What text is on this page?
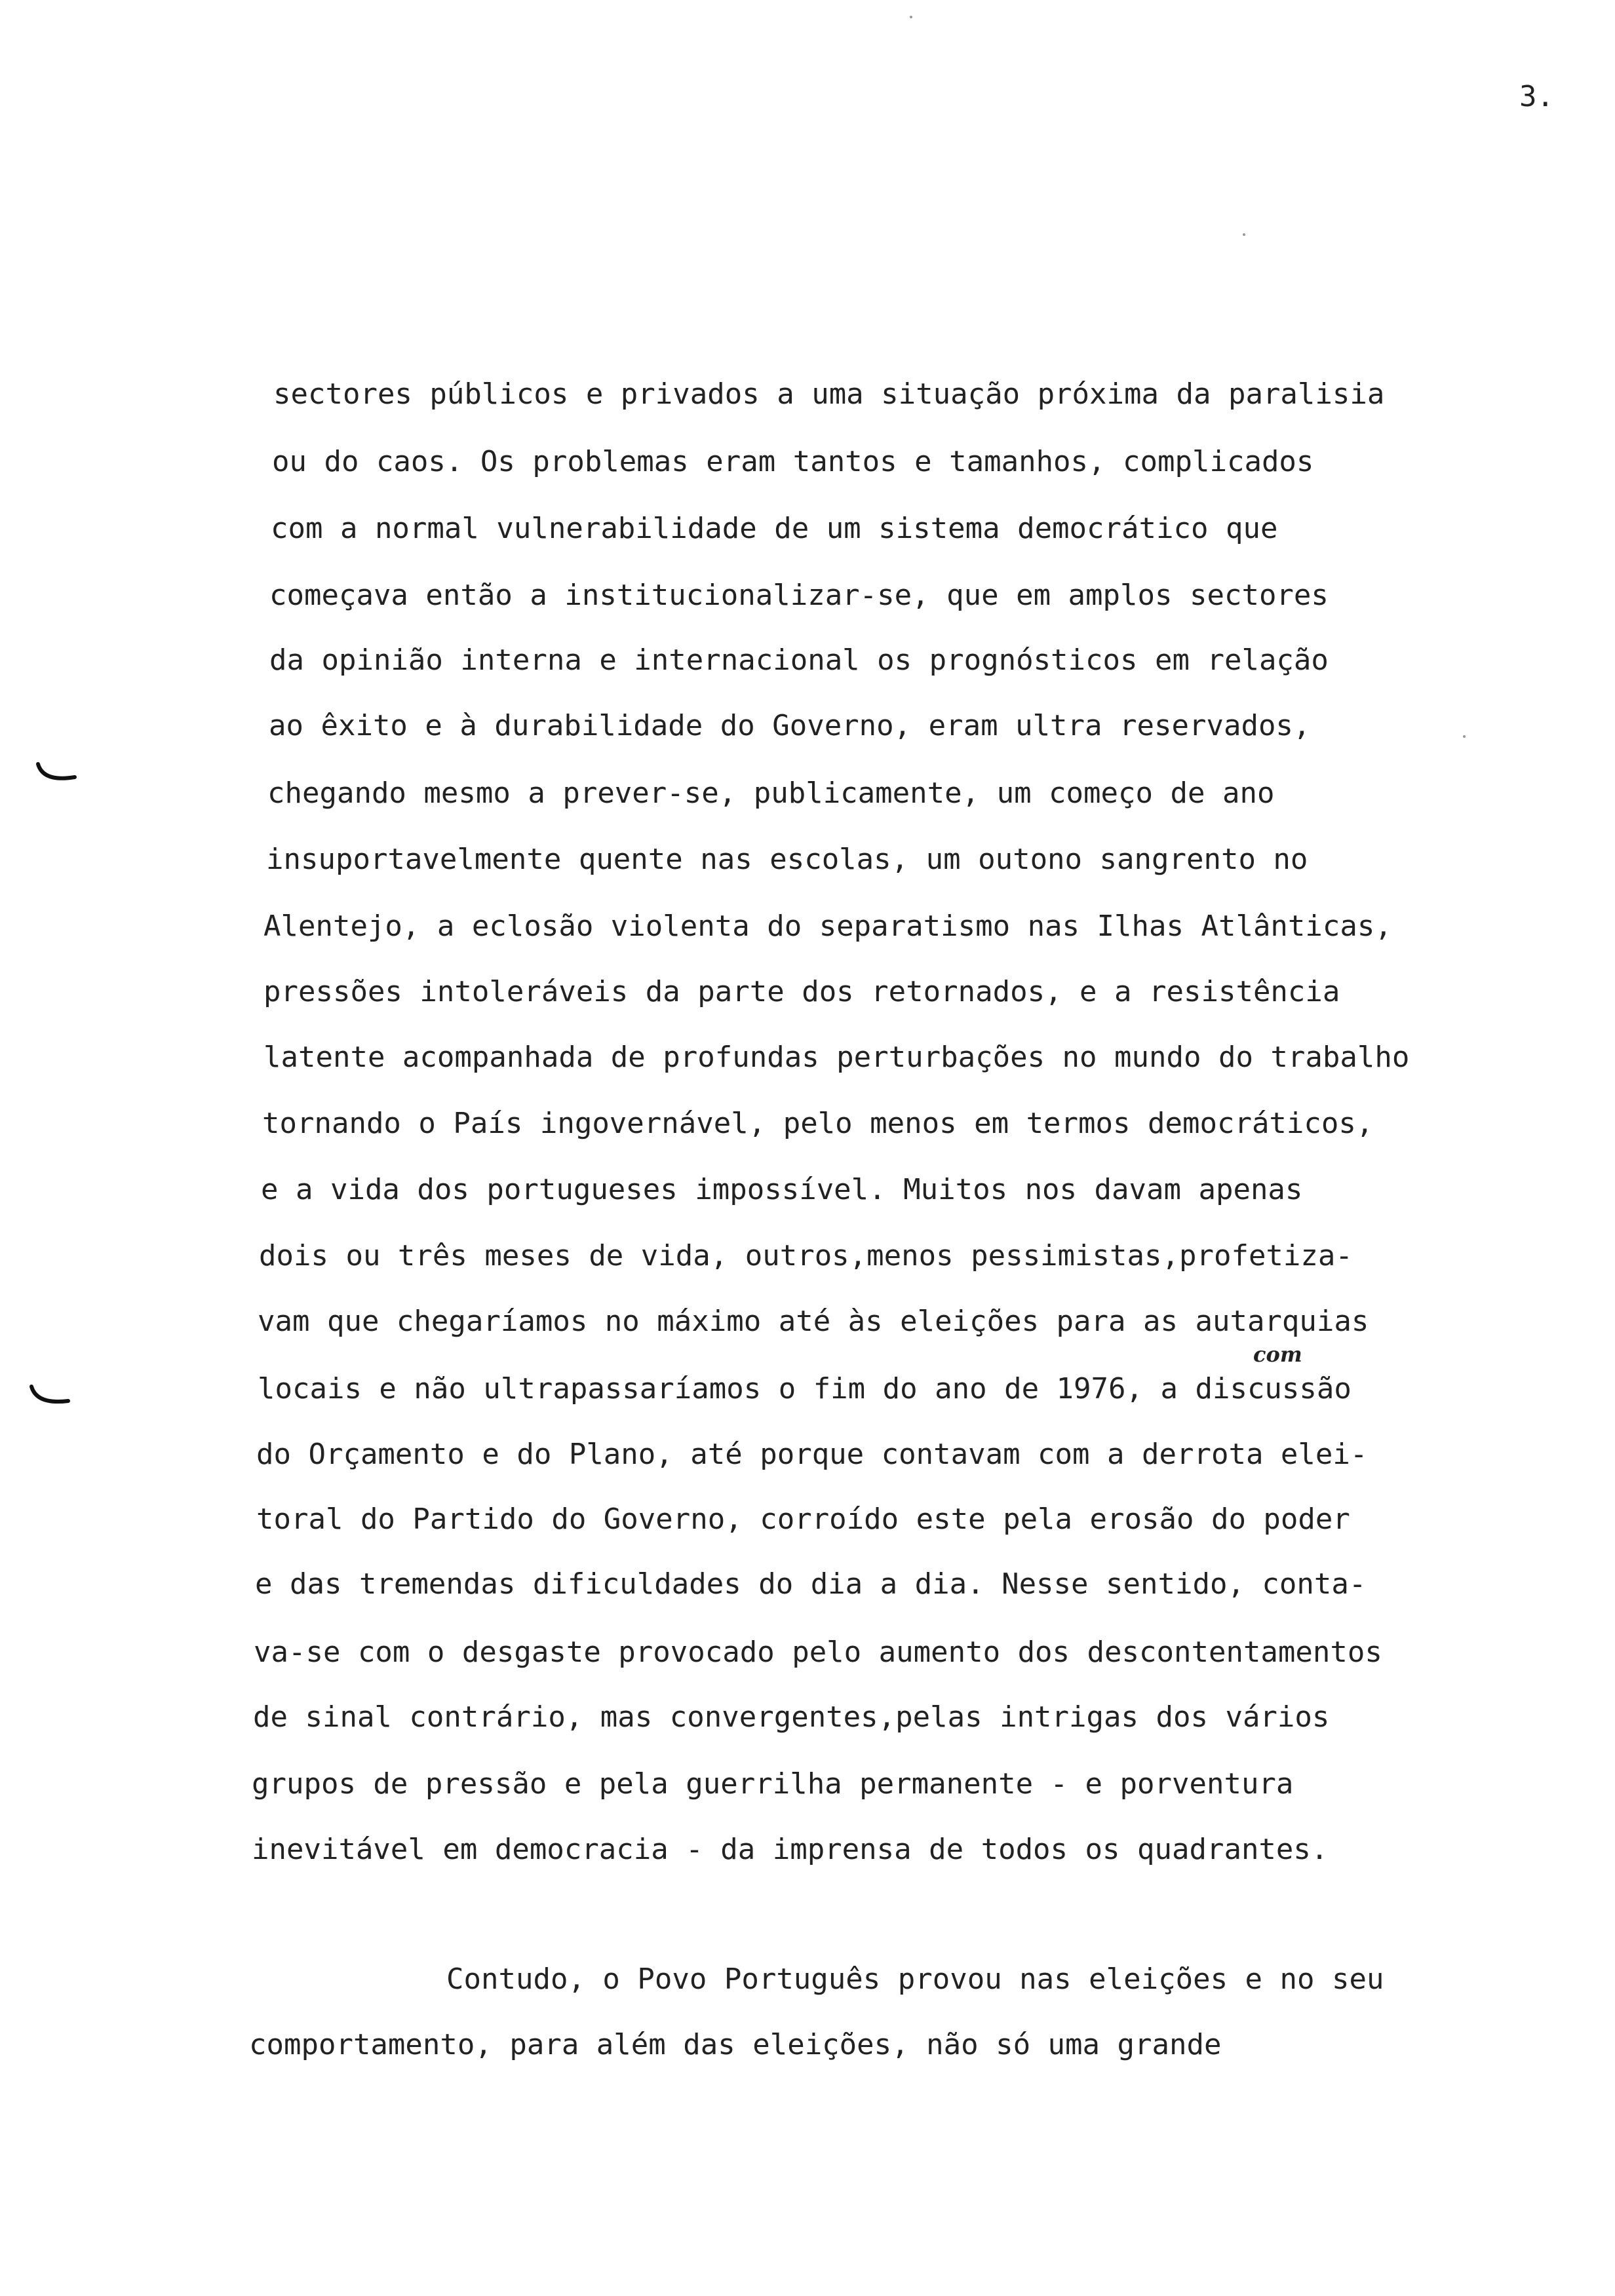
3.
sectores públicos e privados a uma situação próxima da paralisia
ou do caos. Os problemas eram tantos e tamanhos, complicados
com a normal vulnerabilidade de um sistema democrático que
começava então a institucionalizar-se, que em amplos sectores
da opinião interna e internacional os prognósticos em relação
ao êxito e à durabilidade do Governo, eram ultra reservados,
chegando mesmo a prever-se, publicamente, um começo de ano
insuportavelmente quente nas escolas, um outono sangrento no
Alentejo, a eclosão violenta do separatismo nas Ilhas Atlânticas,
pressões intoleráveis da parte dos retornados, e a resistência
latente acompanhada de profundas perturbações no mundo do trabalho
tornando o País ingovernável, pelo menos em termos democráticos,
e a vida dos portugueses impossível. Muitos nos davam apenas
dois ou três meses de vida, outros,menos pessimistas,profetiza-
vam que chegaríamos no máximo até às eleições para as autarquias
locais e não ultrapassaríamos o fim do ano de 1976, a discussão
do Orçamento e do Plano, até porque contavam com a derrota elei-
toral do Partido do Governo, corroído este pela erosão do poder
e das tremendas dificuldades do dia a dia. Nesse sentido, conta-
va-se com o desgaste provocado pelo aumento dos descontentamentos
de sinal contrário, mas convergentes,pelas intrigas dos vários
grupos de pressão e pela guerrilha permanente - e porventura
inevitável em democracia - da imprensa de todos os quadrantes.
Contudo, o Povo Português provou nas eleições e no seu
comportamento, para além das eleições, não só uma grande
com
